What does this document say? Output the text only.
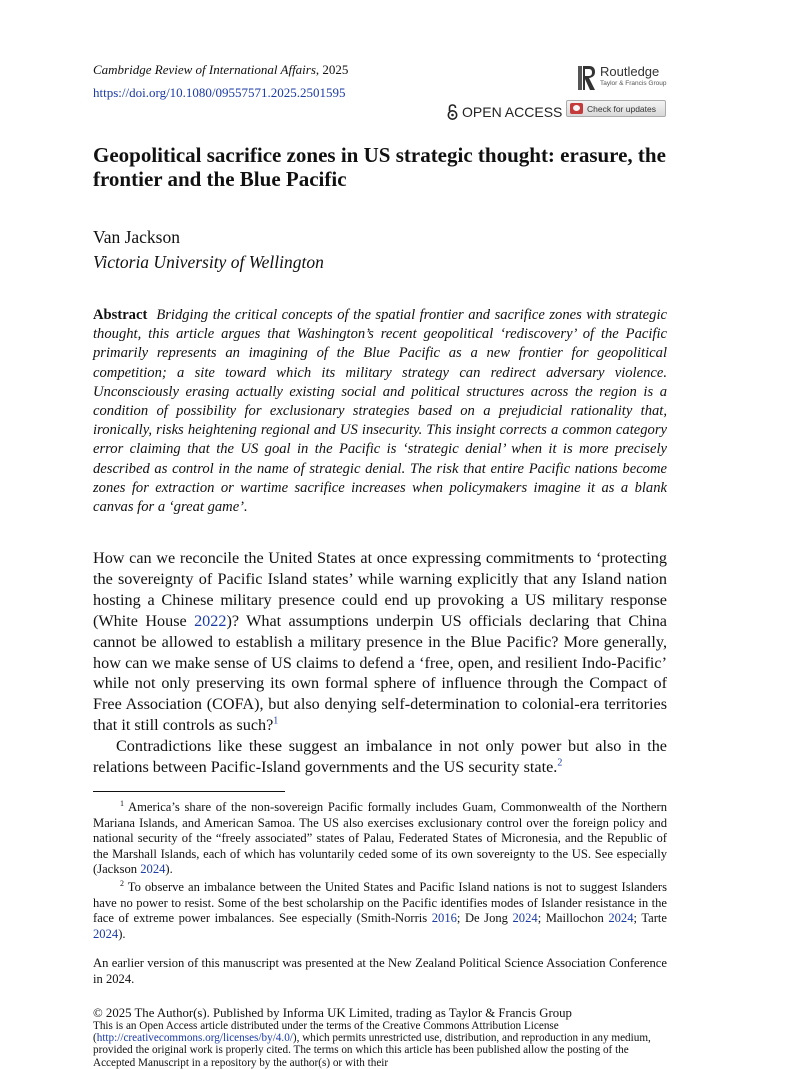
Cambridge Review of International Affairs, 2025
https://doi.org/10.1080/09557571.2025.2501595
Routledge
Taylor & Francis Group
OPEN ACCESS	Check for updates
Geopolitical sacrifice zones in US strategic thought: erasure, the frontier and the Blue Pacific
Van Jackson
Victoria University of Wellington
Abstract Bridging the critical concepts of the spatial frontier and sacrifice zones with strategic thought, this article argues that Washington’s recent geopolitical ‘rediscovery’ of the Pacific primarily represents an imagining of the Blue Pacific as a new frontier for geopolitical competition; a site toward which its military strategy can redirect adversary violence. Unconsciously erasing actually existing social and political structures across the region is a condition of possibility for exclusionary strategies based on a prejudicial rationality that, ironically, risks heightening regional and US insecurity. This insight corrects a common category error claiming that the US goal in the Pacific is ‘strategic denial’ when it is more precisely described as control in the name of strategic denial. The risk that entire Pacific nations become zones for extraction or wartime sacrifice increases when policymakers imagine it as a blank canvas for a ‘great game’.

How can we reconcile the United States at once expressing commitments to ‘protecting the sovereignty of Pacific Island states’ while warning explicitly that any Island nation hosting a Chinese military presence could end up provoking a US military response (White House 2022)? What assumptions underpin US officials declaring that China cannot be allowed to establish a military presence in the Blue Pacific? More generally, how can we make sense of US claims to defend a ‘free, open, and resilient Indo-Pacific’ while not only preserving its own formal sphere of influence through the Compact of Free Association (COFA), but also denying self-determination to colonial-era territories that it still controls as such?$^1$

Contradictions like these suggest an imbalance in not only power but also in the relations between Pacific-Island governments and the US security state.$^2$

$^1$ America’s share of the non-sovereign Pacific formally includes Guam, Commonwealth of the Northern Mariana Islands, and American Samoa. The US also exercises exclusionary control over the foreign policy and national security of the “freely associated” states of Palau, Federated States of Micronesia, and the Republic of the Marshall Islands, each of which has voluntarily ceded some of its own sovereignty to the US. See especially (Jackson 2024).

$^2$ To observe an imbalance between the United States and Pacific Island nations is not to suggest Islanders have no power to resist. Some of the best scholarship on the Pacific identifies modes of Islander resistance in the face of extreme power imbalances. See especially (Smith-Norris 2016; De Jong 2024; Maillochon 2024; Tarte 2024).

An earlier version of this manuscript was presented at the New Zealand Political Science Association Conference in 2024.
© 2025 The Author(s). Published by Informa UK Limited, trading as Taylor & Francis Group
This is an Open Access article distributed under the terms of the Creative Commons Attribution License (http://creativecommons.org/licenses/by/4.0/), which permits unrestricted use, distribution, and reproduction in any medium, provided the original work is properly cited. The terms on which this article has been published allow the posting of the Accepted Manuscript in a repository by the author(s) or with their
